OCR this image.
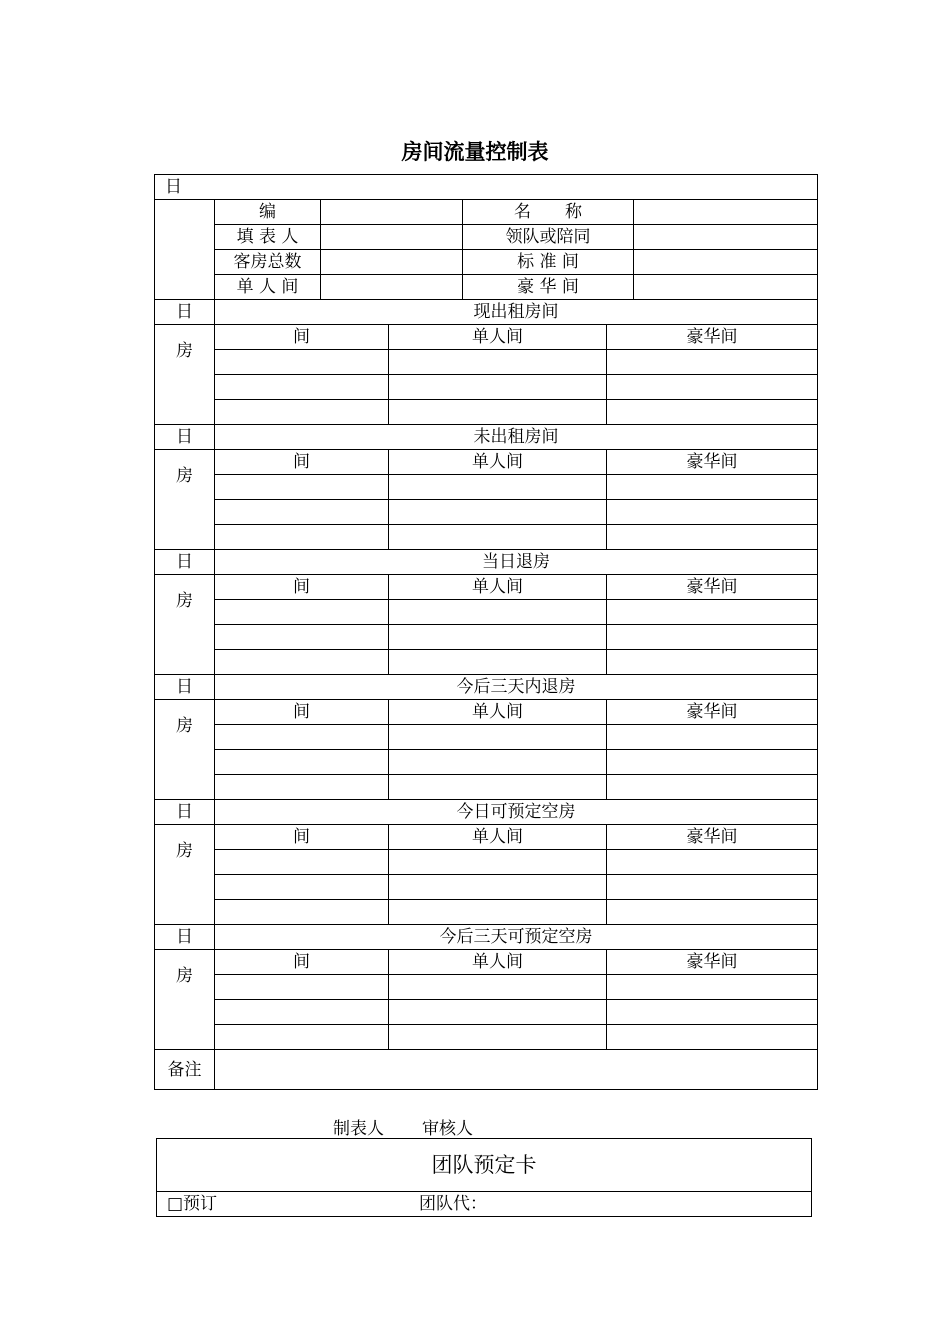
房间流量控制表
日						
	编			名　　称		
	填 表 人			领队或陪同		
	客房总数			标 准 间		
	单 人 间			豪 华 间		
日	现出租房间					
房	间		单人间		豪华间	

日	未出租房间					
房	间		单人间		豪华间	

日	当日退房					
房	间		单人间		豪华间	

日	今后三天内退房					
房	间		单人间		豪华间	

日	今日可预定空房					
房	间		单人间		豪华间	

日	今后三天可预定空房					
房	间		单人间		豪华间	

备注						
制表人 审核人
团队预定卡
□预订	团队代：
